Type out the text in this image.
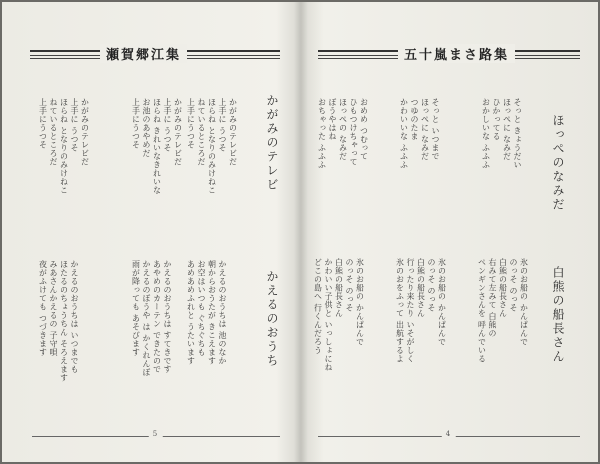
瀬賀郷江集
かがみのテレビ
かがみのテレビだ
上手に うつそ
ほらね となりのみけねこ
ねているところだ
上手にうつそ
かがみのテレビだ
上手に うつそ
ほらね きれいなきれいな
お池のあやめだ
上手にうつそ
かがみのテレビだ
上手に うつそ
ほらね となりのみけねこ
ねているところだ
上手にうつそ
かえるのおうち
かえるのおうちは 池のなか
朝からおうたが きこえます
お空はいつも ぐちぐちも
あめあめふれと うたいます
かえるのおうちは すてきです
あやめのカーテン できたので
かえるのぼうや は かくれんぼ
雨が降っても あそびます
かえるのおうちは いつまでも
ほたるのちょうちん そろえます
みあさんかえるの 子守唄
夜がふけても つづきます
5
五十嵐まさ路集
ほっぺのなみだ
そっと きょうだい
ほっぺに なみだ
ひかってる
おかしいな ふふふ
そっと いつまで
ほっぺに なみだ
つゆのたま
かわいいな ふふふ
おめめ つむって
ひもつけちゃって
ほっぺの なみだ
ぼうやはね
おちゃった ふふふ
白熊の船長さん
氷のお船の かんぱんで
のっそ のっそ
白熊の船長さん
右みて左みて 白熊の
ペンギンさんを 呼んでいる
氷のお船の かんぱんで
のっそ のっそ
白熊の船長さん
行ったり来たり いそがしく
氷のおをふって 出航するよ
氷のお船の かんぱんで
のっそ のっそ
白熊の船長さん
かわいい子供と いっしょにね
どこの島へ 行くんだろう
4
